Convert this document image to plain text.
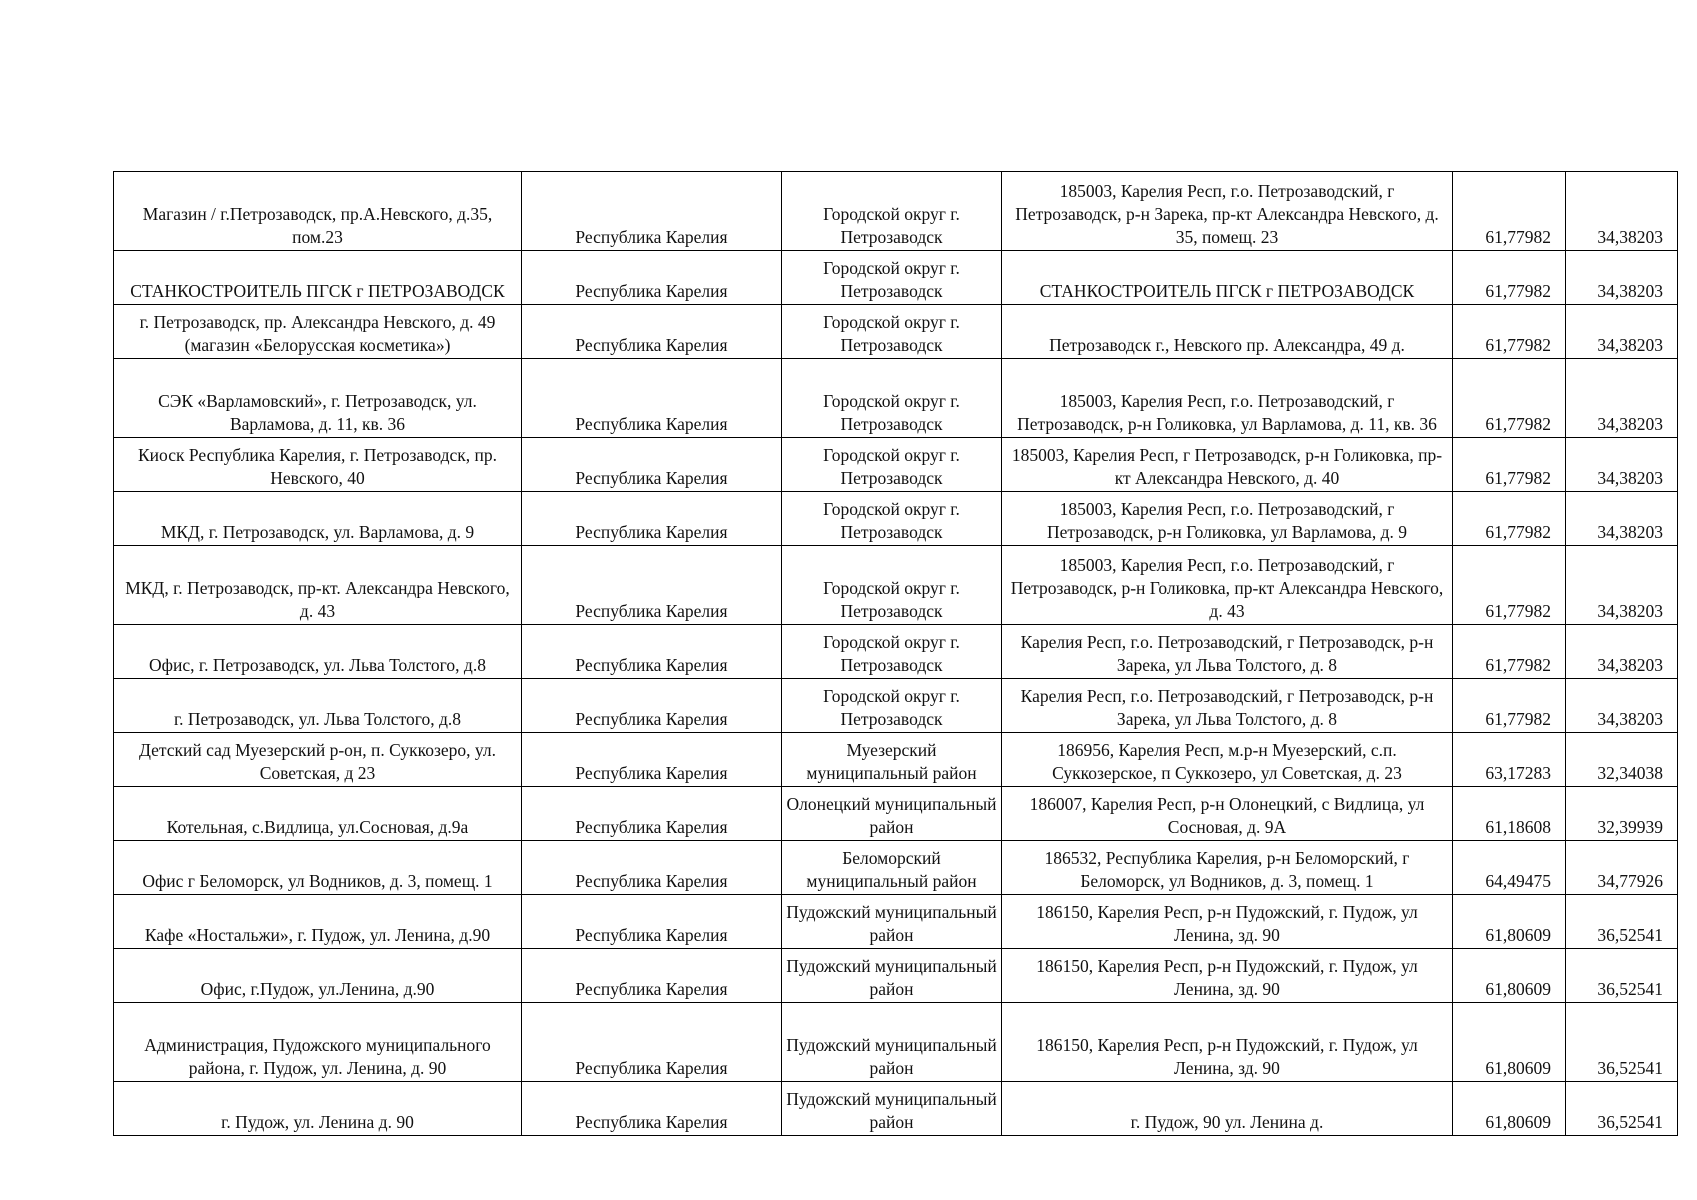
Магазин / г.Петрозаводск, пр.А.Невского, д.35, пом.23	Республика Карелия	Городской округ г. Петрозаводск	185003, Карелия Респ, г.о. Петрозаводский, г Петрозаводск, р-н Зарека, пр-кт Александра Невского, д. 35, помещ. 23	61,77982	34,38203
СТАНКОСТРОИТЕЛЬ ПГСК г ПЕТРОЗАВОДСК	Республика Карелия	Городской округ г. Петрозаводск	СТАНКОСТРОИТЕЛЬ ПГСК г ПЕТРОЗАВОДСК	61,77982	34,38203
г. Петрозаводск, пр. Александра Невского, д. 49 (магазин «Белорусская косметика»)	Республика Карелия	Городской округ г. Петрозаводск	Петрозаводск г., Невского пр. Александра, 49 д.	61,77982	34,38203
СЭК «Варламовский», г. Петрозаводск, ул. Варламова, д. 11, кв. 36	Республика Карелия	Городской округ г. Петрозаводск	185003, Карелия Респ, г.о. Петрозаводский, г Петрозаводск, р-н Голиковка, ул Варламова, д. 11, кв. 36	61,77982	34,38203
Киоск Республика Карелия, г. Петрозаводск, пр. Невского, 40	Республика Карелия	Городской округ г. Петрозаводск	185003, Карелия Респ, г Петрозаводск, р-н Голиковка, пр-кт Александра Невского, д. 40	61,77982	34,38203
МКД, г. Петрозаводск, ул. Варламова, д. 9	Республика Карелия	Городской округ г. Петрозаводск	185003, Карелия Респ, г.о. Петрозаводский, г Петрозаводск, р-н Голиковка, ул Варламова, д. 9	61,77982	34,38203
МКД, г. Петрозаводск, пр-кт. Александра Невского, д. 43	Республика Карелия	Городской округ г. Петрозаводск	185003, Карелия Респ, г.о. Петрозаводский, г Петрозаводск, р-н Голиковка, пр-кт Александра Невского, д. 43	61,77982	34,38203
Офис, г. Петрозаводск, ул. Льва Толстого, д.8	Республика Карелия	Городской округ г. Петрозаводск	Карелия Респ, г.о. Петрозаводский, г Петрозаводск, р-н Зарека, ул Льва Толстого, д. 8	61,77982	34,38203
г. Петрозаводск, ул. Льва Толстого, д.8	Республика Карелия	Городской округ г. Петрозаводск	Карелия Респ, г.о. Петрозаводский, г Петрозаводск, р-н Зарека, ул Льва Толстого, д. 8	61,77982	34,38203
Детский сад Муезерский р-он, п. Суккозеро, ул. Советская, д 23	Республика Карелия	Муезерский муниципальный район	186956, Карелия Респ, м.р-н Муезерский, с.п. Суккозерское, п Суккозеро, ул Советская, д. 23	63,17283	32,34038
Котельная, с.Видлица, ул.Сосновая, д.9а	Республика Карелия	Олонецкий муниципальный район	186007, Карелия Респ, р-н Олонецкий, с Видлица, ул Сосновая, д. 9А	61,18608	32,39939
Офис г Беломорск, ул Водников, д. 3, помещ. 1	Республика Карелия	Беломорский муниципальный район	186532, Республика Карелия, р-н Беломорский, г Беломорск, ул Водников, д. 3, помещ. 1	64,49475	34,77926
Кафе «Ностальжи», г. Пудож, ул. Ленина, д.90	Республика Карелия	Пудожский муниципальный район	186150, Карелия Респ, р-н Пудожский, г. Пудож, ул Ленина, зд. 90	61,80609	36,52541
Офис, г.Пудож, ул.Ленина, д.90	Республика Карелия	Пудожский муниципальный район	186150, Карелия Респ, р-н Пудожский, г. Пудож, ул Ленина, зд. 90	61,80609	36,52541
Администрация, Пудожского муниципального района, г. Пудож, ул. Ленина, д. 90	Республика Карелия	Пудожский муниципальный район	186150, Карелия Респ, р-н Пудожский, г. Пудож, ул Ленина, зд. 90	61,80609	36,52541
г. Пудож, ул. Ленина д. 90	Республика Карелия	Пудожский муниципальный район	г. Пудож, 90 ул. Ленина д.	61,80609	36,52541
